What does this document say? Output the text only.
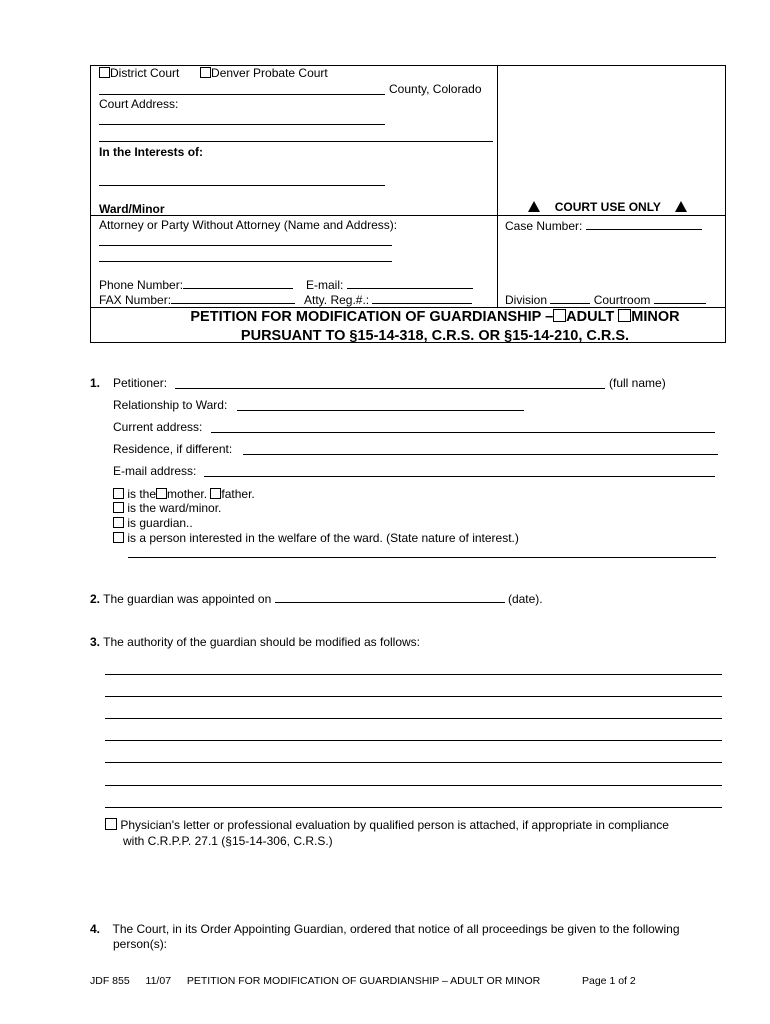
District Court	Denver Probate Court
County, Colorado
Court Address:
In the Interests of:
Ward/Minor
Attorney or Party Without Attorney (Name and Address):
Phone Number:	E-mail:
FAX Number:	Atty. Reg.#.:
COURT USE ONLY
Case Number:
Division	Courtroom
PETITION FOR MODIFICATION OF GUARDIANSHIP – ADULT MINOR
PURSUANT TO §15-14-318, C.R.S. OR §15-14-210, C.R.S.
1. Petitioner:	(full name)
Relationship to Ward:
Current address:
Residence, if different:
E-mail address:
is the mother. father.
is the ward/minor.
is guardian..
is a person interested in the welfare of the ward. (State nature of interest.)
2. The guardian was appointed on	(date).
3. The authority of the guardian should be modified as follows:
Physician's letter or professional evaluation by qualified person is attached, if appropriate in compliance
with C.R.P.P. 27.1 (§15-14-306, C.R.S.)
4. The Court, in its Order Appointing Guardian, ordered that notice of all proceedings be given to the following
person(s):
JDF 855 11/07 PETITION FOR MODIFICATION OF GUARDIANSHIP – ADULT OR MINOR	Page 1 of 2
